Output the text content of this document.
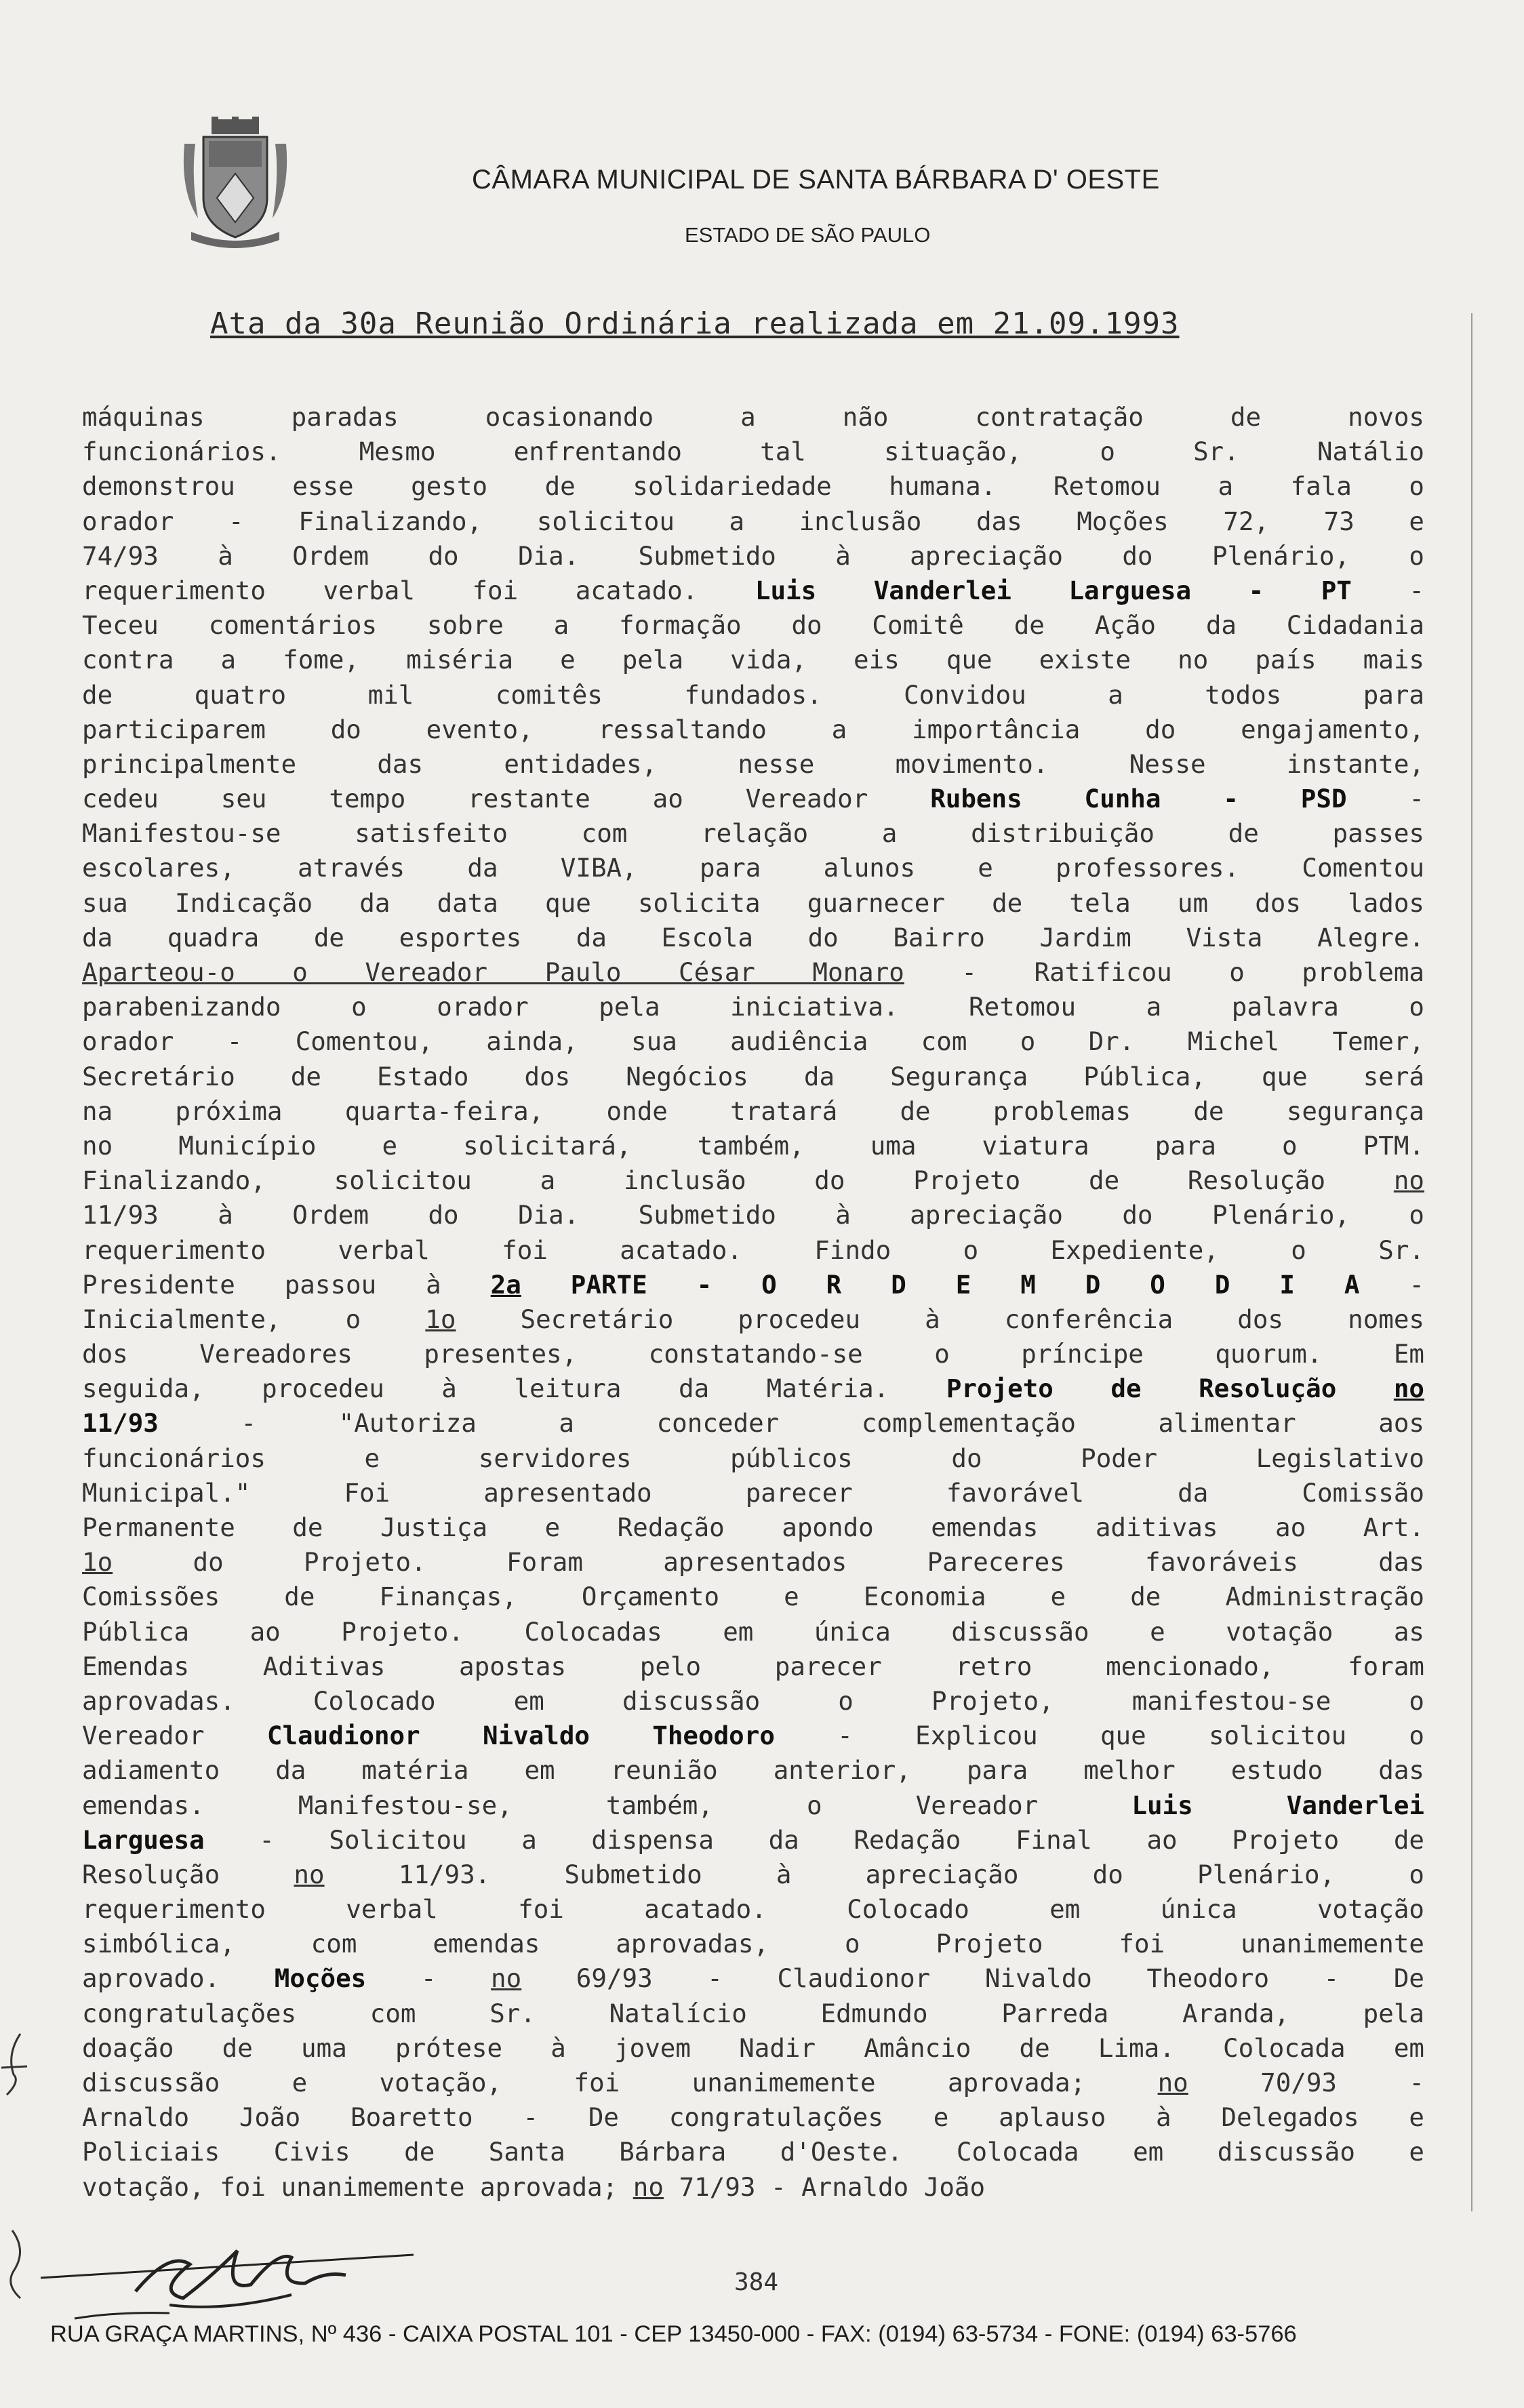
CÂMARA MUNICIPAL DE SANTA BÁRBARA D' OESTE
ESTADO DE SÃO PAULO
Ata da 30a Reunião Ordinária realizada em 21.09.1993
máquinas paradas ocasionando a não contratação de novos
funcionários. Mesmo enfrentando tal situação, o Sr. Natálio
demonstrou esse gesto de solidariedade humana. Retomou a fala o
orador - Finalizando, solicitou a inclusão das Moções 72, 73 e
74/93 à Ordem do Dia. Submetido à apreciação do Plenário, o
requerimento verbal foi acatado. Luis Vanderlei Larguesa - PT -
Teceu comentários sobre a formação do Comitê de Ação da Cidadania
contra a fome, miséria e pela vida, eis que existe no país mais
de quatro mil comitês fundados. Convidou a todos para
participarem do evento, ressaltando a importância do engajamento,
principalmente das entidades, nesse movimento. Nesse instante,
cedeu seu tempo restante ao Vereador Rubens Cunha - PSD -
Manifestou-se satisfeito com relação a distribuição de passes
escolares, através da VIBA, para alunos e professores. Comentou
sua Indicação da data que solicita guarnecer de tela um dos lados
da quadra de esportes da Escola do Bairro Jardim Vista Alegre.
Aparteou-o o Vereador Paulo César Monaro - Ratificou o problema
parabenizando o orador pela iniciativa. Retomou a palavra o
orador - Comentou, ainda, sua audiência com o Dr. Michel Temer,
Secretário de Estado dos Negócios da Segurança Pública, que será
na próxima quarta-feira, onde tratará de problemas de segurança
no Município e solicitará, também, uma viatura para o PTM.
Finalizando, solicitou a inclusão do Projeto de Resolução no
11/93 à Ordem do Dia. Submetido à apreciação do Plenário, o
requerimento verbal foi acatado. Findo o Expediente, o Sr.
Presidente passou à 2a PARTE - O R D E M D O D I A -
Inicialmente, o 1o Secretário procedeu à conferência dos nomes
dos Vereadores presentes, constatando-se o príncipe quorum. Em
seguida, procedeu à leitura da Matéria. Projeto de Resolução no
11/93 - "Autoriza a conceder complementação alimentar aos
funcionários e servidores públicos do Poder Legislativo
Municipal." Foi apresentado parecer favorável da Comissão
Permanente de Justiça e Redação apondo emendas aditivas ao Art.
1o do Projeto. Foram apresentados Pareceres favoráveis das
Comissões de Finanças, Orçamento e Economia e de Administração
Pública ao Projeto. Colocadas em única discussão e votação as
Emendas Aditivas apostas pelo parecer retro mencionado, foram
aprovadas. Colocado em discussão o Projeto, manifestou-se o
Vereador Claudionor Nivaldo Theodoro - Explicou que solicitou o
adiamento da matéria em reunião anterior, para melhor estudo das
emendas. Manifestou-se, também, o Vereador Luis Vanderlei
Larguesa - Solicitou a dispensa da Redação Final ao Projeto de
Resolução no 11/93. Submetido à apreciação do Plenário, o
requerimento verbal foi acatado. Colocado em única votação
simbólica, com emendas aprovadas, o Projeto foi unanimemente
aprovado. Moções - no 69/93 - Claudionor Nivaldo Theodoro - De
congratulações com Sr. Natalício Edmundo Parreda Aranda, pela
doação de uma prótese à jovem Nadir Amâncio de Lima. Colocada em
discussão e votação, foi unanimemente aprovada; no 70/93 -
Arnaldo João Boaretto - De congratulações e aplauso à Delegados e
Policiais Civis de Santa Bárbara d'Oeste. Colocada em discussão e
votação, foi unanimemente aprovada; no 71/93 - Arnaldo João
384
RUA GRAÇA MARTINS, Nº 436 - CAIXA POSTAL 101 - CEP 13450-000 - FAX: (0194) 63-5734 - FONE: (0194) 63-5766
